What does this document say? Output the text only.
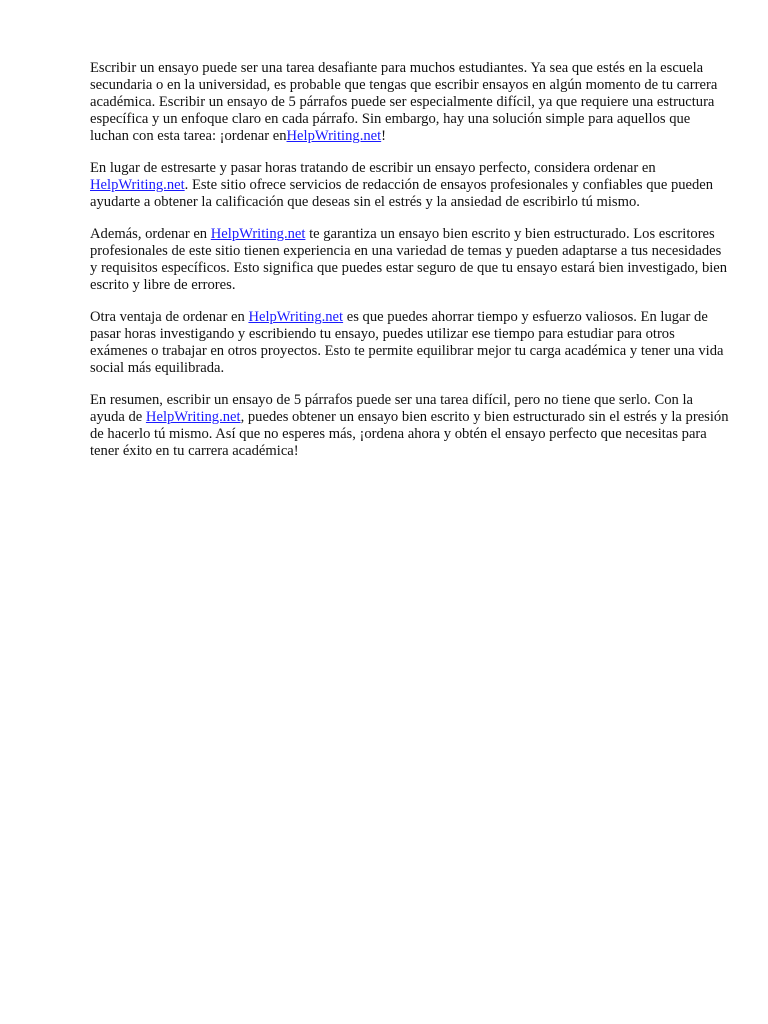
Escribir un ensayo puede ser una tarea desafiante para muchos estudiantes. Ya sea que estés en la escuela secundaria o en la universidad, es probable que tengas que escribir ensayos en algún momento de tu carrera académica. Escribir un ensayo de 5 párrafos puede ser especialmente difícil, ya que requiere una estructura específica y un enfoque claro en cada párrafo. Sin embargo, hay una solución simple para aquellos que luchan con esta tarea: ¡ordenar enHelpWriting.net!

En lugar de estresarte y pasar horas tratando de escribir un ensayo perfecto, considera ordenar en HelpWriting.net. Este sitio ofrece servicios de redacción de ensayos profesionales y confiables que pueden ayudarte a obtener la calificación que deseas sin el estrés y la ansiedad de escribirlo tú mismo.

Además, ordenar en HelpWriting.net te garantiza un ensayo bien escrito y bien estructurado. Los escritores profesionales de este sitio tienen experiencia en una variedad de temas y pueden adaptarse a tus necesidades y requisitos específicos. Esto significa que puedes estar seguro de que tu ensayo estará bien investigado, bien escrito y libre de errores.

Otra ventaja de ordenar en HelpWriting.net es que puedes ahorrar tiempo y esfuerzo valiosos. En lugar de pasar horas investigando y escribiendo tu ensayo, puedes utilizar ese tiempo para estudiar para otros exámenes o trabajar en otros proyectos. Esto te permite equilibrar mejor tu carga académica y tener una vida social más equilibrada.

En resumen, escribir un ensayo de 5 párrafos puede ser una tarea difícil, pero no tiene que serlo. Con la ayuda de HelpWriting.net, puedes obtener un ensayo bien escrito y bien estructurado sin el estrés y la presión de hacerlo tú mismo. Así que no esperes más, ¡ordena ahora y obtén el ensayo perfecto que necesitas para tener éxito en tu carrera académica!
